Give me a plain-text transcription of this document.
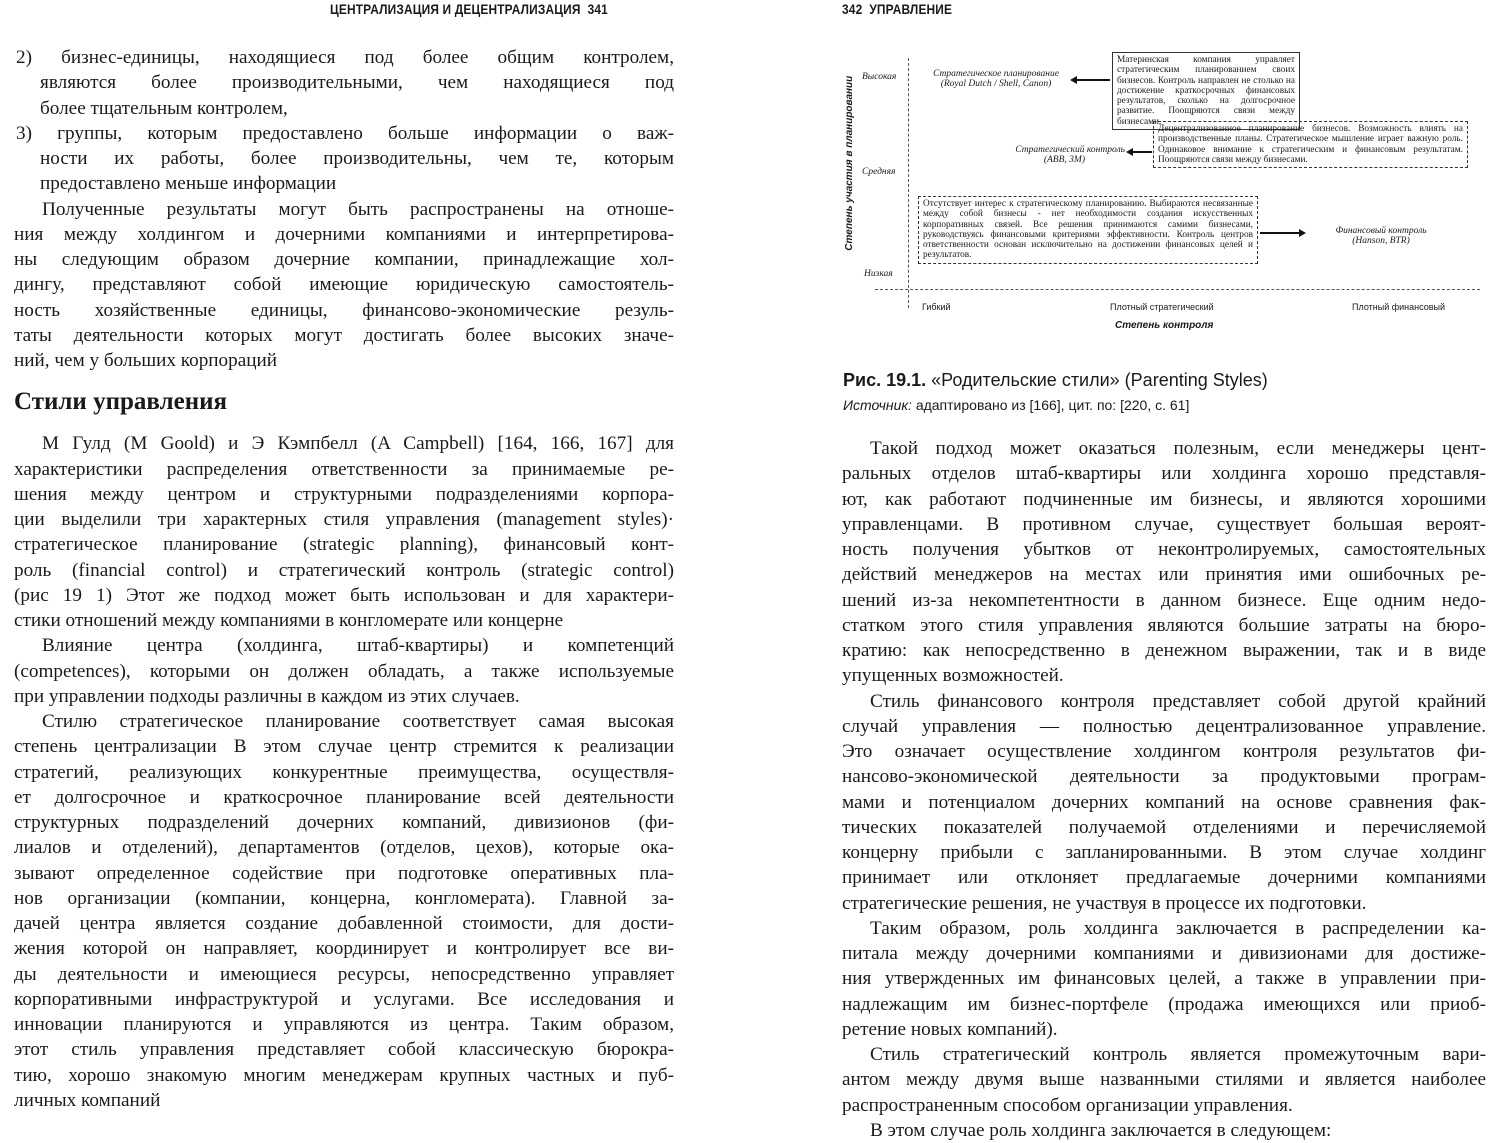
ЦЕНТРАЛИЗАЦИЯ И ДЕЦЕНТРАЛИЗАЦИЯ 341
2) бизнес-единицы, находящиеся под более общим контролем,
являются более производительными, чем находящиеся под
более тщательным контролем,
3) группы, которым предоставлено больше информации о важ-
ности их работы, более производительны, чем те, которым
предоставлено меньше информации
Полученные результаты могут быть распространены на отноше-
ния между холдингом и дочерними компаниями и интерпретирова-
ны следующим образом дочерние компании, принадлежащие хол-
дингу, представляют собой имеющие юридическую самостоятель-
ность хозяйственные единицы, финансово-экономические резуль-
таты деятельности которых могут достигать более высоких значе-
ний, чем у больших корпораций
Стили управления
М Гулд (M Goold) и Э Кэмпбелл (A Campbell) [164, 166, 167] для
характеристики распределения ответственности за принимаемые ре-
шения между центром и структурными подразделениями корпора-
ции выделили три характерных стиля управления (management styles)·
стратегическое планирование (strategic planning), финансовый конт-
роль (financial control) и стратегический контроль (strategic control)
(рис 19 1) Этот же подход может быть использован и для характери-
стики отношений между компаниями в конгломерате или концерне
Влияние центра (холдинга, штаб-квартиры) и компетенций
(competences), которыми он должен обладать, а также используемые
при управлении подходы различны в каждом из этих случаев.
Стилю стратегическое планирование соответствует самая высокая
степень централизации В этом случае центр стремится к реализации
стратегий, реализующих конкурентные преимущества, осуществля-
ет долгосрочное и краткосрочное планирование всей деятельности
структурных подразделений дочерних компаний, дивизионов (фи-
лиалов и отделений), департаментов (отделов, цехов), которые ока-
зывают определенное содействие при подготовке оперативных пла-
нов организации (компании, концерна, конгломерата). Главной за-
дачей центра является создание добавленной стоимости, для дости-
жения которой он направляет, координирует и контролирует все ви-
ды деятельности и имеющиеся ресурсы, непосредственно управляет
корпоративными инфраструктурой и услугами. Все исследования и
инновации планируются и управляются из центра. Таким образом,
этот стиль управления представляет собой классическую бюрокра-
тию, хорошо знакомую многим менеджерам крупных частных и пуб-
личных компаний
342 УПРАВЛЕНИЕ
Степень участия в планировании Высокая
Средняя
Низкая
Стратегическое планирование
(Royal Dutch / Shell, Canon)
Материнская компания управляет стратегическим планированием своих бизнесов. Контроль направлен не столько на достижение краткосрочных финансовых результатов, сколько на долгосрочное развитие. Поощряются связи между бизнесами.
Стратегический контроль
(ABB, 3M)
Децентрализованное планирование бизнесов. Возможность влиять на производственные планы. Стратегическое мышление играет важную роль. Одинаковое внимание к стратегическим и финансовым результатам. Поощряются связи между бизнесами.
Отсутствует интерес к стратегическому планированию. Выбираются несвязанные между собой бизнесы - нет необходимости создания искусственных корпоративных связей. Все решения принимаются самими бизнесами, руководствуясь финансовыми критериями эффективности. Контроль центров ответственности основан исключительно на достижении финансовых целей и результатов.
Финансовый контроль
(Hanson, BTR)
Гибкий	Плотный стратегический	Плотный финансовый
Степень контроля
Рис. 19.1. «Родительские стили» (Parenting Styles)
Источник: адаптировано из [166], цит. по: [220, с. 61]
Такой подход может оказаться полезным, если менеджеры цент-
ральных отделов штаб-квартиры или холдинга хорошо представля-
ют, как работают подчиненные им бизнесы, и являются хорошими
управленцами. В противном случае, существует большая вероят-
ность получения убытков от неконтролируемых, самостоятельных
действий менеджеров на местах или принятия ими ошибочных ре-
шений из-за некомпетентности в данном бизнесе. Еще одним недо-
статком этого стиля управления являются большие затраты на бюро-
кратию: как непосредственно в денежном выражении, так и в виде
упущенных возможностей.
Стиль финансового контроля представляет собой другой крайний
случай управления — полностью децентрализованное управление.
Это означает осуществление холдингом контроля результатов фи-
нансово-экономической деятельности за продуктовыми програм-
мами и потенциалом дочерних компаний на основе сравнения фак-
тических показателей получаемой отделениями и перечисляемой
концерну прибыли с запланированными. В этом случае холдинг
принимает или отклоняет предлагаемые дочерними компаниями
стратегические решения, не участвуя в процессе их подготовки.
Таким образом, роль холдинга заключается в распределении ка-
питала между дочерними компаниями и дивизионами для достиже-
ния утвержденных им финансовых целей, а также в управлении при-
надлежащим им бизнес-портфеле (продажа имеющихся или приоб-
ретение новых компаний).
Стиль стратегический контроль является промежуточным вари-
антом между двумя выше названными стилями и является наиболее
распространенным способом организации управления.
В этом случае роль холдинга заключается в следующем:
